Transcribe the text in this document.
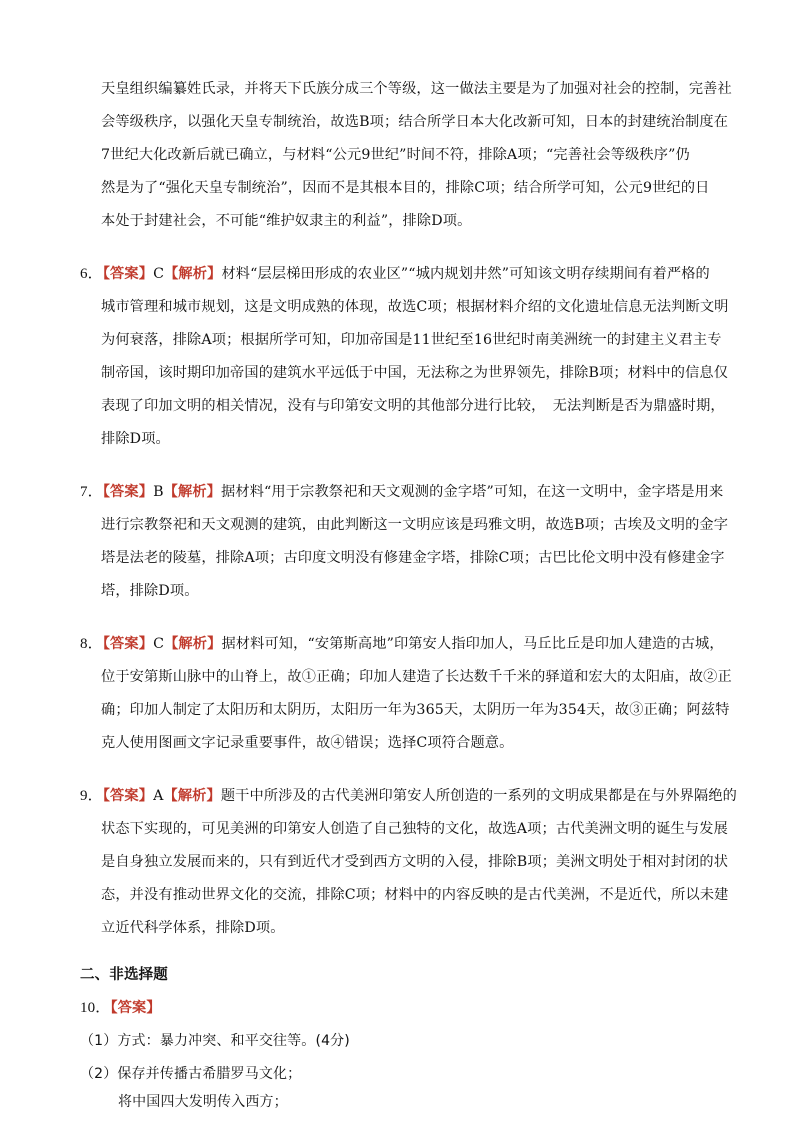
天皇组织编纂姓氏录，并将天下氏族分成三个等级，这一做法主要是为了加强对社会的控制，完善社
会等级秩序，以强化天皇专制统治，故选B项；结合所学日本大化改新可知，日本的封建统治制度在
7世纪大化改新后就已确立，与材料“公元9世纪”时间不符，排除A项；“完善社会等级秩序”仍
然是为了“强化天皇专制统治”，因而不是其根本目的，排除C项；结合所学可知，公元9世纪的日
本处于封建社会，不可能“维护奴隶主的利益”，排除D项。
6．【答案】C【解析】材料“层层梯田形成的农业区”“城内规划井然”可知该文明存续期间有着严格的
城市管理和城市规划，这是文明成熟的体现，故选C项；根据材料介绍的文化遗址信息无法判断文明
为何衰落，排除A项；根据所学可知，印加帝国是11世纪至16世纪时南美洲统一的封建主义君主专
制帝国，该时期印加帝国的建筑水平远低于中国，无法称之为世界领先，排除B项；材料中的信息仅
表现了印加文明的相关情况，没有与印第安文明的其他部分进行比较，　无法判断是否为鼎盛时期，
排除D项。
7．【答案】B【解析】据材料“用于宗教祭祀和天文观测的金字塔”可知，在这一文明中，金字塔是用来
进行宗教祭祀和天文观测的建筑，由此判断这一文明应该是玛雅文明，故选B项；古埃及文明的金字
塔是法老的陵墓，排除A项；古印度文明没有修建金字塔，排除C项；古巴比伦文明中没有修建金字
塔，排除D项。
8．【答案】C【解析】据材料可知，“安第斯高地”印第安人指印加人，马丘比丘是印加人建造的古城，
位于安第斯山脉中的山脊上，故①正确；印加人建造了长达数千千米的驿道和宏大的太阳庙，故②正
确；印加人制定了太阳历和太阴历，太阳历一年为365天，太阴历一年为354天，故③正确；阿兹特
克人使用图画文字记录重要事件，故④错误；选择C项符合题意。
9．【答案】A【解析】题干中所涉及的古代美洲印第安人所创造的一系列的文明成果都是在与外界隔绝的
状态下实现的，可见美洲的印第安人创造了自己独特的文化，故选A项；古代美洲文明的诞生与发展
是自身独立发展而来的，只有到近代才受到西方文明的入侵，排除B项；美洲文明处于相对封闭的状
态，并没有推动世界文化的交流，排除C项；材料中的内容反映的是古代美洲，不是近代，所以未建
立近代科学体系，排除D项。
二、非选择题
10．【答案】
（1）方式：暴力冲突、和平交往等。(4分)
（2）保存并传播古希腊罗马文化；
将中国四大发明传入西方；
